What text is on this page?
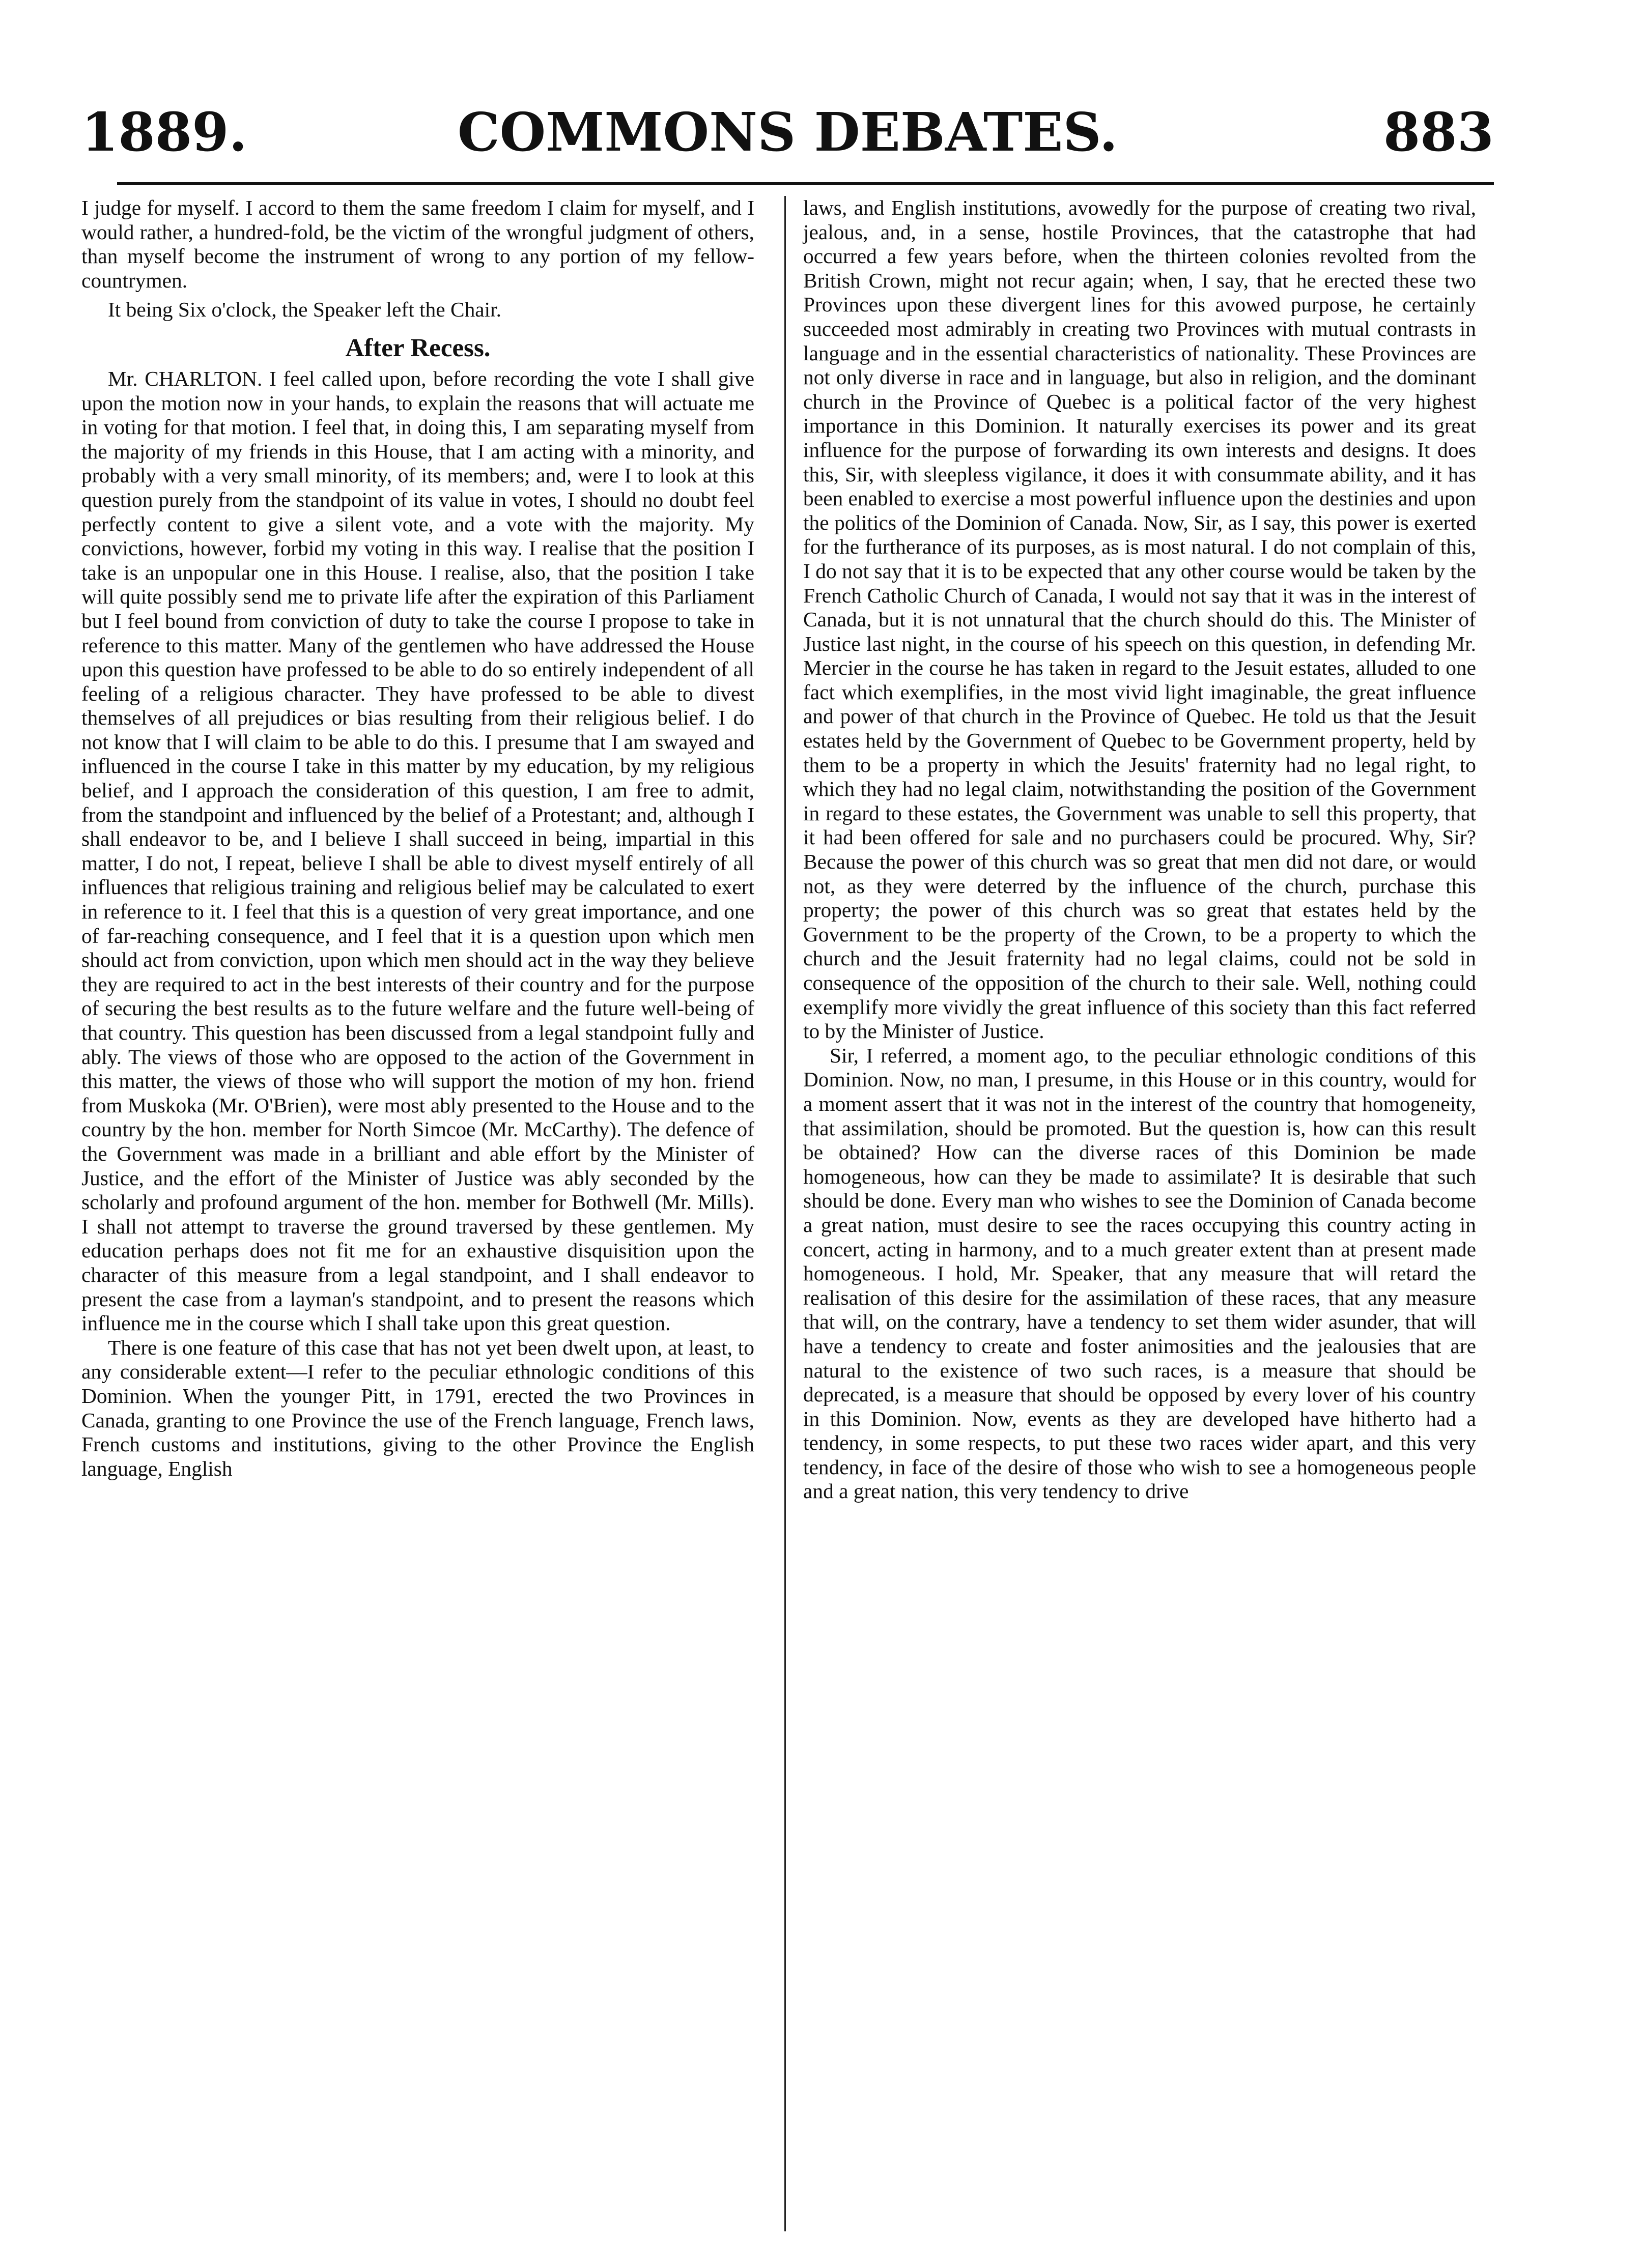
1889.	COMMONS DEBATES.	883

I judge for myself. I accord to them the same freedom I claim for myself, and I would rather, a hundred-fold, be the victim of the wrongful judgment of others, than myself become the instrument of wrong to any portion of my fellow-countrymen.

It being Six o'clock, the Speaker left the Chair.

After Recess.

Mr. CHARLTON. I feel called upon, before recording the vote I shall give upon the motion now in your hands, to explain the reasons that will actuate me in voting for that motion. I feel that, in doing this, I am separating myself from the majority of my friends in this House, that I am acting with a minority, and probably with a very small minority, of its members; and, were I to look at this question purely from the standpoint of its value in votes, I should no doubt feel perfectly content to give a silent vote, and a vote with the majority. My convictions, however, forbid my voting in this way. I realise that the position I take is an unpopular one in this House. I realise, also, that the position I take will quite possibly send me to private life after the expiration of this Parliament but I feel bound from conviction of duty to take the course I propose to take in reference to this matter. Many of the gentlemen who have addressed the House upon this question have professed to be able to do so entirely independent of all feeling of a religious character. They have professed to be able to divest themselves of all prejudices or bias resulting from their religious belief. I do not know that I will claim to be able to do this. I presume that I am swayed and influenced in the course I take in this matter by my education, by my religious belief, and I approach the consideration of this question, I am free to admit, from the standpoint and influenced by the belief of a Protestant; and, although I shall endeavor to be, and I believe I shall succeed in being, impartial in this matter, I do not, I repeat, believe I shall be able to divest myself entirely of all influences that religious training and religious belief may be calculated to exert in reference to it. I feel that this is a question of very great importance, and one of far-reaching consequence, and I feel that it is a question upon which men should act from conviction, upon which men should act in the way they believe they are required to act in the best interests of their country and for the purpose of securing the best results as to the future welfare and the future well-being of that country. This question has been discussed from a legal standpoint fully and ably. The views of those who are opposed to the action of the Government in this matter, the views of those who will support the motion of my hon. friend from Muskoka (Mr. O'Brien), were most ably presented to the House and to the country by the hon. member for North Simcoe (Mr. McCarthy). The defence of the Government was made in a brilliant and able effort by the Minister of Justice, and the effort of the Minister of Justice was ably seconded by the scholarly and profound argument of the hon. member for Bothwell (Mr. Mills). I shall not attempt to traverse the ground traversed by these gentlemen. My education perhaps does not fit me for an exhaustive disquisition upon the character of this measure from a legal standpoint, and I shall endeavor to present the case from a layman's standpoint, and to present the reasons which influence me in the course which I shall take upon this great question.

There is one feature of this case that has not yet been dwelt upon, at least, to any considerable extent—I refer to the peculiar ethnologic conditions of this Dominion. When the younger Pitt, in 1791, erected the two Provinces in Canada, granting to one Province the use of the French language, French laws, French customs and institutions, giving to the other Province the English language, English

laws, and English institutions, avowedly for the purpose of creating two rival, jealous, and, in a sense, hostile Provinces, that the catastrophe that had occurred a few years before, when the thirteen colonies revolted from the British Crown, might not recur again; when, I say, that he erected these two Provinces upon these divergent lines for this avowed purpose, he certainly succeeded most admirably in creating two Provinces with mutual contrasts in language and in the essential characteristics of nationality. These Provinces are not only diverse in race and in language, but also in religion, and the dominant church in the Province of Quebec is a political factor of the very highest importance in this Dominion. It naturally exercises its power and its great influence for the purpose of forwarding its own interests and designs. It does this, Sir, with sleepless vigilance, it does it with consummate ability, and it has been enabled to exercise a most powerful influence upon the destinies and upon the politics of the Dominion of Canada. Now, Sir, as I say, this power is exerted for the furtherance of its purposes, as is most natural. I do not complain of this, I do not say that it is to be expected that any other course would be taken by the French Catholic Church of Canada, I would not say that it was in the interest of Canada, but it is not unnatural that the church should do this. The Minister of Justice last night, in the course of his speech on this question, in defending Mr. Mercier in the course he has taken in regard to the Jesuit estates, alluded to one fact which exemplifies, in the most vivid light imaginable, the great influence and power of that church in the Province of Quebec. He told us that the Jesuit estates held by the Government of Quebec to be Government property, held by them to be a property in which the Jesuits' fraternity had no legal right, to which they had no legal claim, notwithstanding the position of the Government in regard to these estates, the Government was unable to sell this property, that it had been offered for sale and no purchasers could be procured. Why, Sir? Because the power of this church was so great that men did not dare, or would not, as they were deterred by the influence of the church, purchase this property; the power of this church was so great that estates held by the Government to be the property of the Crown, to be a property to which the church and the Jesuit fraternity had no legal claims, could not be sold in consequence of the opposition of the church to their sale. Well, nothing could exemplify more vividly the great influence of this society than this fact referred to by the Minister of Justice.

Sir, I referred, a moment ago, to the peculiar ethnologic conditions of this Dominion. Now, no man, I presume, in this House or in this country, would for a moment assert that it was not in the interest of the country that homogeneity, that assimilation, should be promoted. But the question is, how can this result be obtained? How can the diverse races of this Dominion be made homogeneous, how can they be made to assimilate? It is desirable that such should be done. Every man who wishes to see the Dominion of Canada become a great nation, must desire to see the races occupying this country acting in concert, acting in harmony, and to a much greater extent than at present made homogeneous. I hold, Mr. Speaker, that any measure that will retard the realisation of this desire for the assimilation of these races, that any measure that will, on the contrary, have a tendency to set them wider asunder, that will have a tendency to create and foster animosities and the jealousies that are natural to the existence of two such races, is a measure that should be deprecated, is a measure that should be opposed by every lover of his country in this Dominion. Now, events as they are developed have hitherto had a tendency, in some respects, to put these two races wider apart, and this very tendency, in face of the desire of those who wish to see a homogeneous people and a great nation, this very tendency to drive
